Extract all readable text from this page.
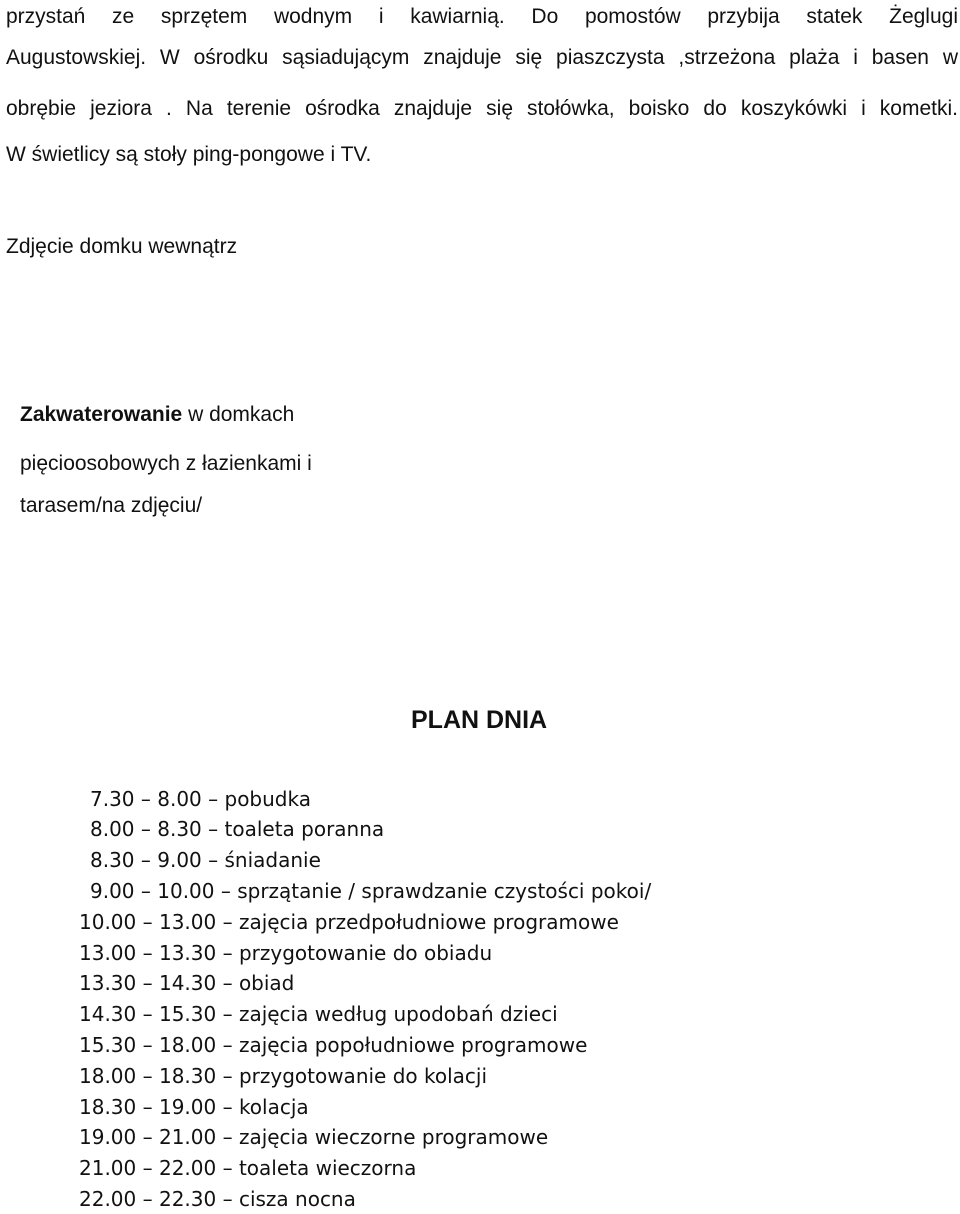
przystań ze sprzętem wodnym i kawiarnią. Do pomostów przybija statek Żeglugi
Augustowskiej. W ośrodku sąsiadującym znajduje się piaszczysta ,strzeżona plaża i basen w
obrębie jeziora . Na terenie ośrodka znajduje się stołówka, boisko do koszykówki i kometki.
W świetlicy są stoły ping-pongowe i TV.
Zdjęcie domku wewnątrz
Zakwaterowanie w domkach
pięcioosobowych z łazienkami i
tarasem/na zdjęciu/
PLAN DNIA
7.30 – 8.00 – pobudka
8.00 – 8.30 – toaleta poranna
8.30 – 9.00 – śniadanie
9.00 – 10.00 – sprzątanie / sprawdzanie czystości pokoi/
10.00 – 13.00 – zajęcia przedpołudniowe programowe
13.00 – 13.30 – przygotowanie do obiadu
13.30 – 14.30 – obiad
14.30 – 15.30 – zajęcia według upodobań dzieci
15.30 – 18.00 – zajęcia popołudniowe programowe
18.00 – 18.30 – przygotowanie do kolacji
18.30 – 19.00 – kolacja
19.00 – 21.00 – zajęcia wieczorne programowe
21.00 – 22.00 – toaleta wieczorna
22.00 – 22.30 – cisza nocna
